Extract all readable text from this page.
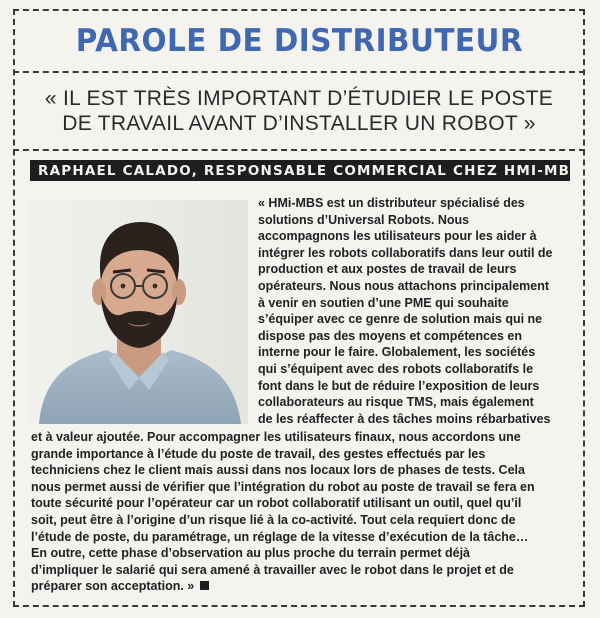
PAROLE DE DISTRIBUTEUR
« IL EST TRÈS IMPORTANT D’ÉTUDIER LE POSTE
DE TRAVAIL AVANT D’INSTALLER UN ROBOT »
RAPHAEL CALADO, RESPONSABLE COMMERCIAL CHEZ HMI-MBS
« HMi-MBS est un distributeur spécialisé des
solutions d’Universal Robots. Nous
accompagnons les utilisateurs pour les aider à
intégrer les robots collaboratifs dans leur outil de
production et aux postes de travail de leurs
opérateurs. Nous nous attachons principalement
à venir en soutien d’une PME qui souhaite
s’équiper avec ce genre de solution mais qui ne
dispose pas des moyens et compétences en
interne pour le faire. Globalement, les sociétés
qui s’équipent avec des robots collaboratifs le
font dans le but de réduire l’exposition de leurs
collaborateurs au risque TMS, mais également
de les réaffecter à des tâches moins rébarbatives
et à valeur ajoutée. Pour accompagner les utilisateurs finaux, nous accordons une
grande importance à l’étude du poste de travail, des gestes effectués par les
techniciens chez le client mais aussi dans nos locaux lors de phases de tests. Cela
nous permet aussi de vérifier que l’intégration du robot au poste de travail se fera en
toute sécurité pour l’opérateur car un robot collaboratif utilisant un outil, quel qu’il
soit, peut être à l’origine d’un risque lié à la co-activité. Tout cela requiert donc de
l’étude de poste, du paramétrage, un réglage de la vitesse d’exécution de la tâche…
En outre, cette phase d’observation au plus proche du terrain permet déjà
d’impliquer le salarié qui sera amené à travailler avec le robot dans le projet et de
préparer son acceptation. »
